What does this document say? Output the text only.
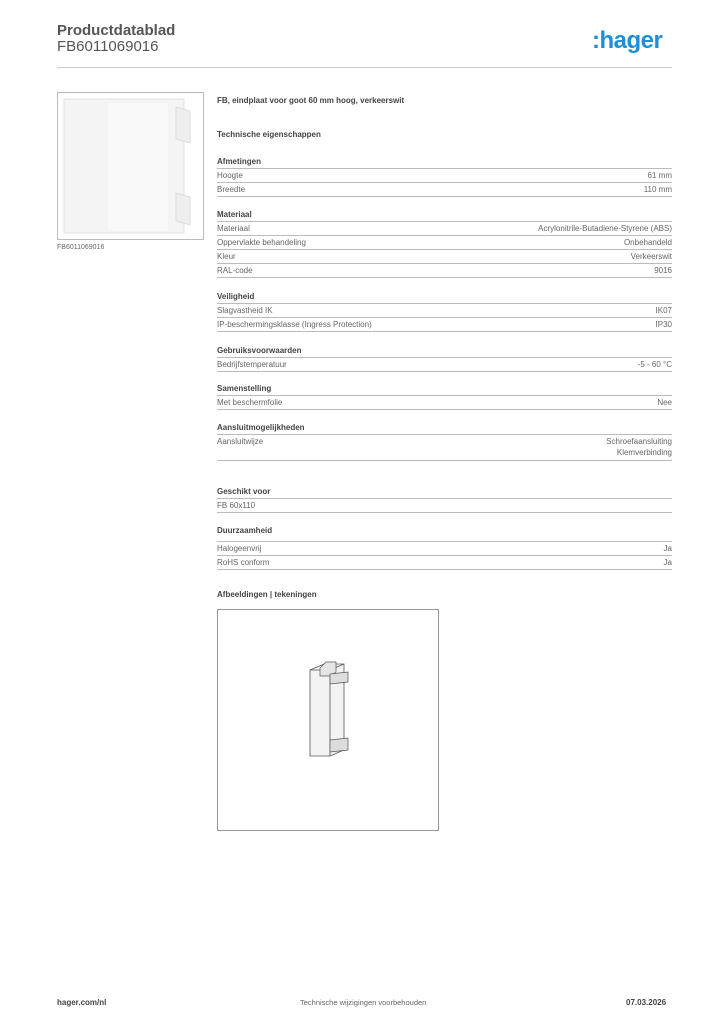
Productdatablad
FB6011069016	:hager
FB6011069016
FB, eindplaat voor goot 60 mm hoog, verkeerswit
Technische eigenschappen
Afmetingen
Hoogte	61 mm
Breedte	110 mm
Materiaal
Materiaal	Acrylonitrile-Butadiene-Styrene (ABS)
Oppervlakte behandeling	Onbehandeld
Kleur	Verkeerswit
RAL-code	9016
Veiligheid
Slagvastheid IK	IK07
IP-beschermingsklasse (Ingress Protection)	IP30
Gebruiksvoorwaarden
Bedrijfstemperatuur	-5 - 60 °C
Samenstelling
Met beschermfolie	Nee
Aansluitmogelijkheden
Aansluitwijze	Schroefaansluiting
Klemverbinding
Geschikt voor
FB 60x110
Duurzaamheid
Halogeenvrij	Ja
RoHS conform	Ja
Afbeeldingen | tekeningen
hager.com/nl	Technische wijzigingen voorbehouden	07.03.2026
